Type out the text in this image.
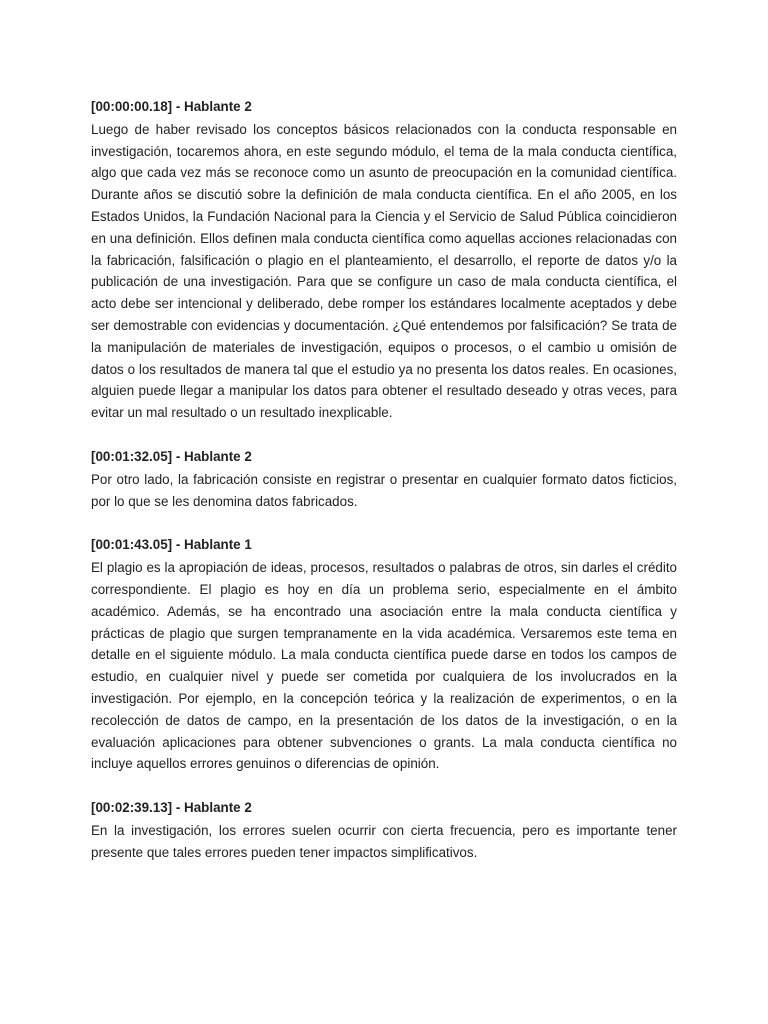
[00:00:00.18] - Hablante 2

Luego de haber revisado los conceptos básicos relacionados con la conducta responsable en investigación, tocaremos ahora, en este segundo módulo, el tema de la mala conducta científica, algo que cada vez más se reconoce como un asunto de preocupación en la comunidad científica. Durante años se discutió sobre la definición de mala conducta científica. En el año 2005, en los Estados Unidos, la Fundación Nacional para la Ciencia y el Servicio de Salud Pública coincidieron en una definición. Ellos definen mala conducta científica como aquellas acciones relacionadas con la fabricación, falsificación o plagio en el planteamiento, el desarrollo, el reporte de datos y/o la publicación de una investigación. Para que se configure un caso de mala conducta científica, el acto debe ser intencional y deliberado, debe romper los estándares localmente aceptados y debe ser demostrable con evidencias y documentación. ¿Qué entendemos por falsificación? Se trata de la manipulación de materiales de investigación, equipos o procesos, o el cambio u omisión de datos o los resultados de manera tal que el estudio ya no presenta los datos reales. En ocasiones, alguien puede llegar a manipular los datos para obtener el resultado deseado y otras veces, para evitar un mal resultado o un resultado inexplicable.

[00:01:32.05] - Hablante 2

Por otro lado, la fabricación consiste en registrar o presentar en cualquier formato datos ficticios, por lo que se les denomina datos fabricados.

[00:01:43.05] - Hablante 1

El plagio es la apropiación de ideas, procesos, resultados o palabras de otros, sin darles el crédito correspondiente. El plagio es hoy en día un problema serio, especialmente en el ámbito académico. Además, se ha encontrado una asociación entre la mala conducta científica y prácticas de plagio que surgen tempranamente en la vida académica. Versaremos este tema en detalle en el siguiente módulo. La mala conducta científica puede darse en todos los campos de estudio, en cualquier nivel y puede ser cometida por cualquiera de los involucrados en la investigación. Por ejemplo, en la concepción teórica y la realización de experimentos, o en la recolección de datos de campo, en la presentación de los datos de la investigación, o en la evaluación aplicaciones para obtener subvenciones o grants. La mala conducta científica no incluye aquellos errores genuinos o diferencias de opinión.

[00:02:39.13] - Hablante 2

En la investigación, los errores suelen ocurrir con cierta frecuencia, pero es importante tener presente que tales errores pueden tener impactos simplificativos.
